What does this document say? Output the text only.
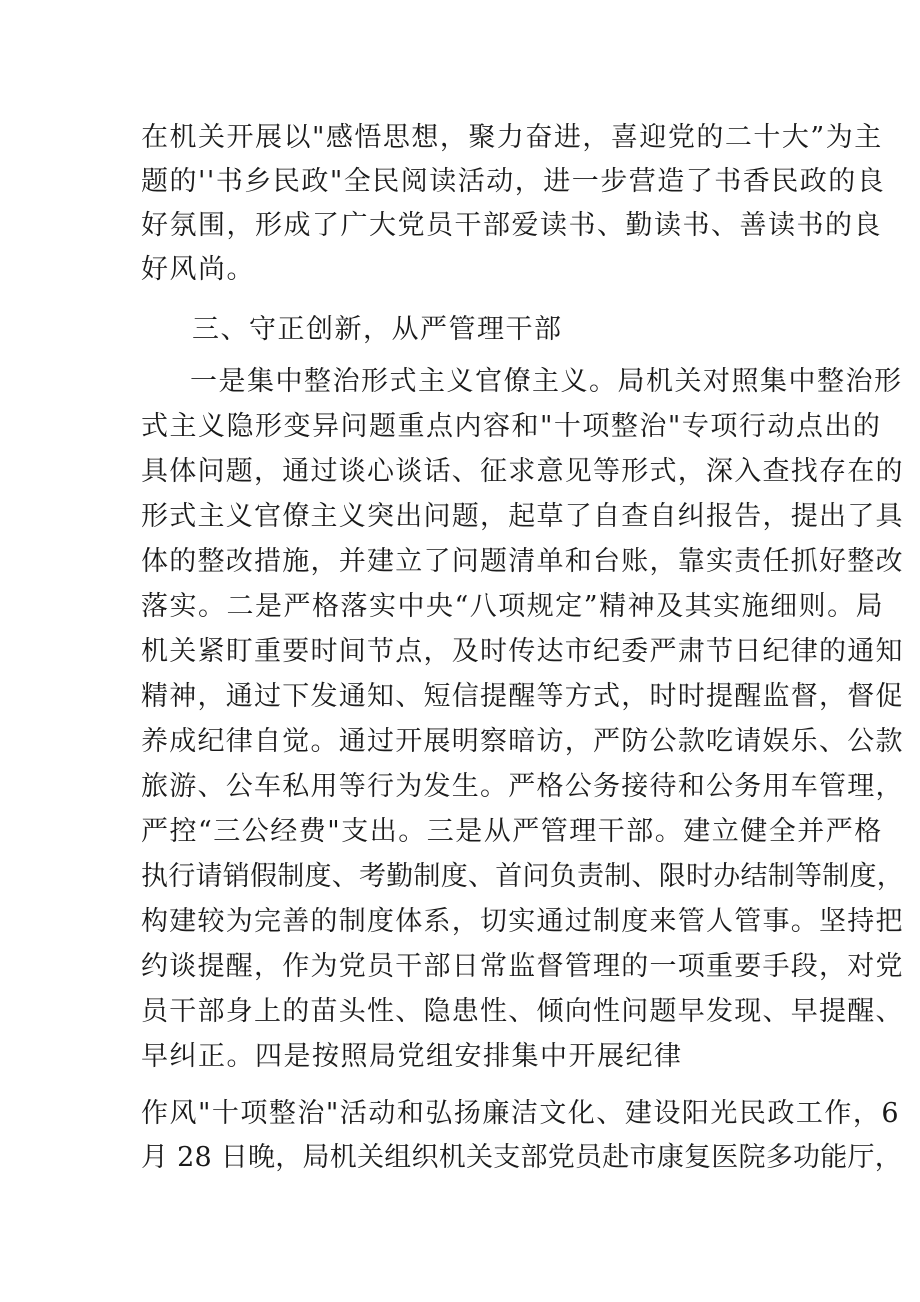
在机关开展以"感悟思想，聚力奋进，喜迎党的二十大”为主
题的''书乡民政"全民阅读活动，进一步营造了书香民政的良
好氛围，形成了广大党员干部爱读书、勤读书、善读书的良
好风尚。
三、守正创新，从严管理干部
一是集中整治形式主义官僚主义。局机关对照集中整治形
式主义隐形变异问题重点内容和"十项整治"专项行动点出的
具体问题，通过谈心谈话、征求意见等形式，深入查找存在的
形式主义官僚主义突出问题，起草了自查自纠报告，提出了具
体的整改措施，并建立了问题清单和台账，靠实责任抓好整改
落实。二是严格落实中央“八项规定”精神及其实施细则。局
机关紧盯重要时间节点，及时传达市纪委严肃节日纪律的通知
精神，通过下发通知、短信提醒等方式，时时提醒监督，督促
养成纪律自觉。通过开展明察暗访，严防公款吃请娱乐、公款
旅游、公车私用等行为发生。严格公务接待和公务用车管理，
严控“三公经费"支出。三是从严管理干部。建立健全并严格
执行请销假制度、考勤制度、首问负责制、限时办结制等制度，
构建较为完善的制度体系，切实通过制度来管人管事。坚持把
约谈提醒，作为党员干部日常监督管理的一项重要手段，对党
员干部身上的苗头性、隐患性、倾向性问题早发现、早提醒、
早纠正。四是按照局党组安排集中开展纪律
作风"十项整治"活动和弘扬廉洁文化、建设阳光民政工作，6
月 28 日晚，局机关组织机关支部党员赴市康复医院多功能厅，
